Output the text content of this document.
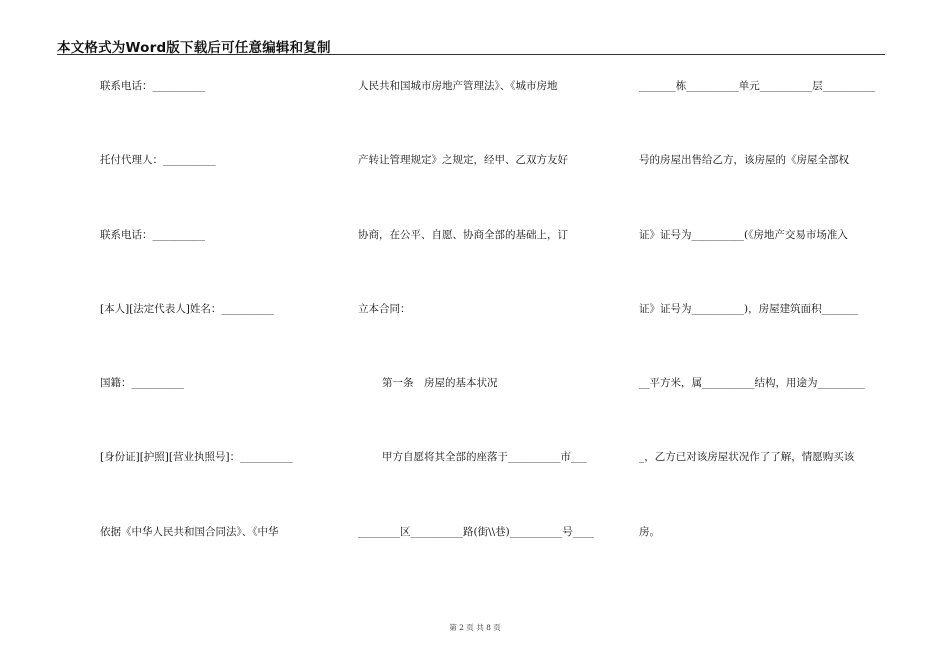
本文格式为Word版下载后可任意编辑和复制
联系电话：__________
托付代理人：__________
联系电话：__________
[本人][法定代表人]姓名：__________
国籍：__________
[身份证][护照][营业执照号]：__________
依据《中华人民共和国合同法》、《中华
人民共和国城市房地产管理法》、《城市房地
产转让管理规定》之规定，经甲、乙双方友好
协商，在公平、自愿、协商全部的基础上，订
立本合同：
第一条　房屋的基本状况
甲方自愿将其全部的座落于__________市___
________区__________路(街\\巷)__________号____
_______栋__________单元__________层__________
号的房屋出售给乙方，该房屋的《房屋全部权
证》证号为__________(《房地产交易市场准入
证》证号为__________)，房屋建筑面积_______
__平方米，属__________结构，用途为_________
_，乙方已对该房屋状况作了了解，情愿购买该
房。
第 2 页 共 8 页
